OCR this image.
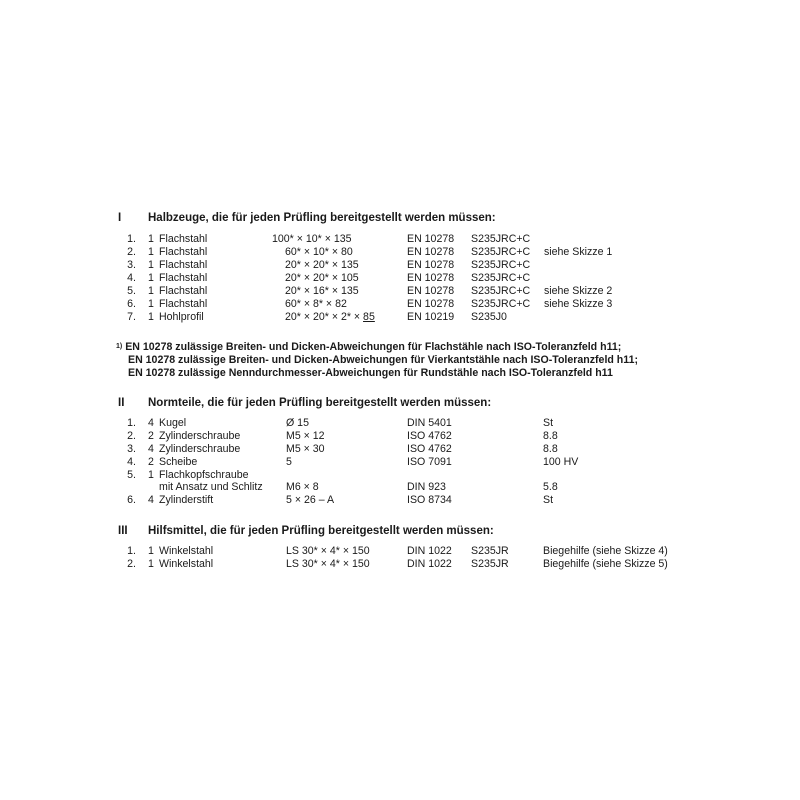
I Halbzeuge, die für jeden Prüfling bereitgestellt werden müssen:
1. 1 Flachstahl	100* × 10* × 135	EN 10278 S235JRC+C
2. 1 Flachstahl	60* × 10* × 80	EN 10278 S235JRC+C siehe Skizze 1
3. 1 Flachstahl	20* × 20* × 135	EN 10278 S235JRC+C
4. 1 Flachstahl	20* × 20* × 105	EN 10278 S235JRC+C
5. 1 Flachstahl	20* × 16* × 135	EN 10278 S235JRC+C siehe Skizze 2
6. 1 Flachstahl	60* × 8* × 82	EN 10278 S235JRC+C siehe Skizze 3
7. 1 Hohlprofil	20* × 20* × 2* × 85	EN 10219 S235J0
$^{1)}$ EN 10278 zulässige Breiten- und Dicken-Abweichungen für Flachstähle nach ISO-Toleranzfeld h11;
EN 10278 zulässige Breiten- und Dicken-Abweichungen für Vierkantstähle nach ISO-Toleranzfeld h11;
EN 10278 zulässige Nenndurchmesser-Abweichungen für Rundstähle nach ISO-Toleranzfeld h11
II Normteile, die für jeden Prüfling bereitgestellt werden müssen:
1. 4 Kugel	Ø 15	DIN 5401	St
2. 2 Zylinderschraube	M5 × 12	ISO 4762	8.8
3. 4 Zylinderschraube	M5 × 30	ISO 4762	8.8
4. 2 Scheibe	5	ISO 7091	100 HV
5. 1 Flachkopfschraube
mit Ansatz und Schlitz M6 × 8	DIN 923	5.8
6. 4 Zylinderstift	5 × 26 – A	ISO 8734	St
III Hilfsmittel, die für jeden Prüfling bereitgestellt werden müssen:
1. 1 Winkelstahl	LS 30* × 4* × 150	DIN 1022 S235JR	Biegehilfe (siehe Skizze 4)
2. 1 Winkelstahl	LS 30* × 4* × 150	DIN 1022 S235JR	Biegehilfe (siehe Skizze 5)
